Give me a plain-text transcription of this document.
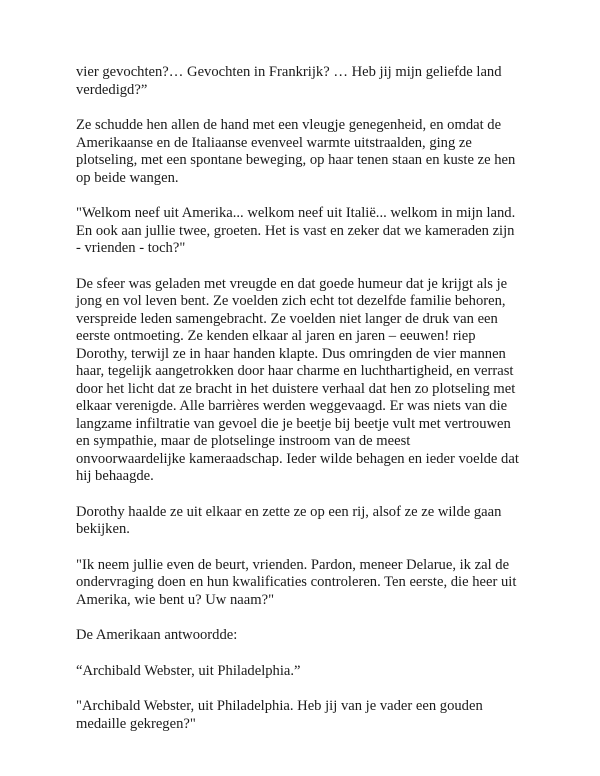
vier gevochten?… Gevochten in Frankrijk? … Heb jij mijn geliefde land
verdedigd?”

Ze schudde hen allen de hand met een vleugje genegenheid, en omdat de
Amerikaanse en de Italiaanse evenveel warmte uitstraalden, ging ze
plotseling, met een spontane beweging, op haar tenen staan en kuste ze hen
op beide wangen.

"Welkom neef uit Amerika... welkom neef uit Italië... welkom in mijn land.
En ook aan jullie twee, groeten. Het is vast en zeker dat we kameraden zijn
- vrienden - toch?"

De sfeer was geladen met vreugde en dat goede humeur dat je krijgt als je
jong en vol leven bent. Ze voelden zich echt tot dezelfde familie behoren,
verspreide leden samengebracht. Ze voelden niet langer de druk van een
eerste ontmoeting. Ze kenden elkaar al jaren en jaren – eeuwen! riep
Dorothy, terwijl ze in haar handen klapte. Dus omringden de vier mannen
haar, tegelijk aangetrokken door haar charme en luchthartigheid, en verrast
door het licht dat ze bracht in het duistere verhaal dat hen zo plotseling met
elkaar verenigde. Alle barrières werden weggevaagd. Er was niets van die
langzame infiltratie van gevoel die je beetje bij beetje vult met vertrouwen
en sympathie, maar de plotselinge instroom van de meest
onvoorwaardelijke kameraadschap. Ieder wilde behagen en ieder voelde dat
hij behaagde.

Dorothy haalde ze uit elkaar en zette ze op een rij, alsof ze ze wilde gaan
bekijken.

"Ik neem jullie even de beurt, vrienden. Pardon, meneer Delarue, ik zal de
ondervraging doen en hun kwalificaties controleren. Ten eerste, die heer uit
Amerika, wie bent u? Uw naam?"

De Amerikaan antwoordde:

“Archibald Webster, uit Philadelphia.”

"Archibald Webster, uit Philadelphia. Heb jij van je vader een gouden
medaille gekregen?"
